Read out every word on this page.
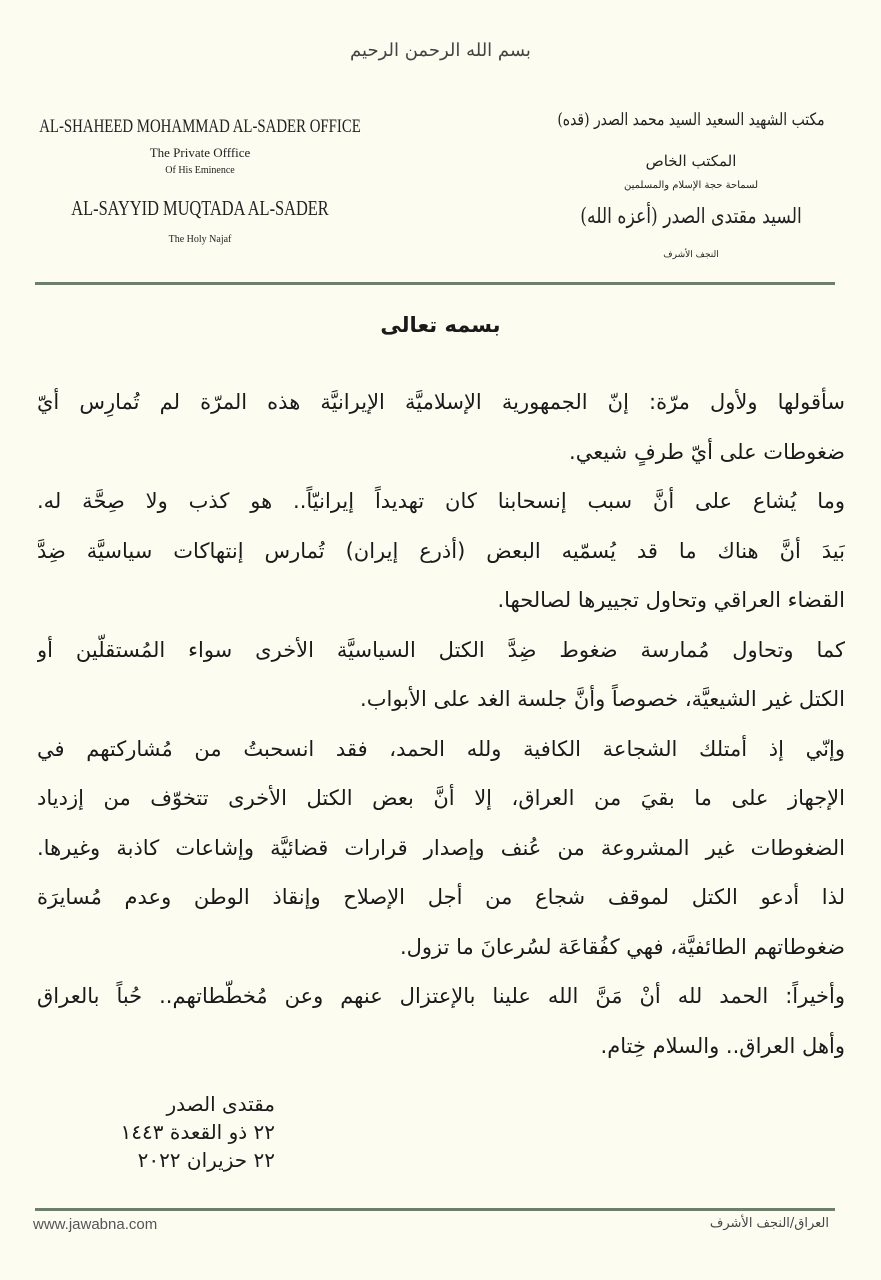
بسم الله الرحمن الرحيم
AL-SHAHEED MOHAMMAD AL-SADER OFFICE
The Private Offfice
Of His Eminence
AL-SAYYID MUQTADA AL-SADER
The Holy Najaf
مكتب الشهيد السعيد السيد محمد الصدر (قده)
المكتب الخاص
لسماحة حجة الإسلام والمسلمين
السيد مقتدى الصدر (أعزه الله)
النجف الأشرف
بسمه تعالى
سأقولها ولأول مرّة: إنّ الجمهورية الإسلاميَّة الإيرانيَّة هذه المرّة لم تُمارِس أيّ
ضغوطات على أيّ طرفٍ شيعي.
وما يُشاع على أنَّ سبب إنسحابنا كان تهديداً إيرانيّاً.. هو كذب ولا صِحَّة له.
بَيدَ أنَّ هناك ما قد يُسمّيه البعض (أذرع إيران) تُمارس إنتهاكات سياسيَّة ضِدَّ
القضاء العراقي وتحاول تجييرها لصالحها.
كما وتحاول مُمارسة ضغوط ضِدَّ الكتل السياسيَّة الأخرى سواء المُستقلّين أو
الكتل غير الشيعيَّة، خصوصاً وأنَّ جلسة الغد على الأبواب.
وإنّي إذ أمتلك الشجاعة الكافية ولله الحمد، فقد انسحبتُ من مُشاركتهم في
الإجهاز على ما بقيَ من العراق، إلا أنَّ بعض الكتل الأخرى تتخوّف من إزدياد
الضغوطات غير المشروعة من عُنف وإصدار قرارات قضائيَّة وإشاعات كاذبة وغيرها.
لذا أدعو الكتل لموقف شجاع من أجل الإصلاح وإنقاذ الوطن وعدم مُسايرَة
ضغوطاتهم الطائفيَّة، فهي كفُقاعَة لسُرعانَ ما تزول.
وأخيراً: الحمد لله أنْ مَنَّ الله علينا بالإعتزال عنهم وعن مُخطّطاتهم.. حُباً بالعراق
وأهل العراق.. والسلام خِتام.
مقتدى الصدر
٢٢ ذو القعدة ١٤٤٣
٢٢ حزيران ٢٠٢٢
www.jawabna.com	العراق/النجف الأشرف
